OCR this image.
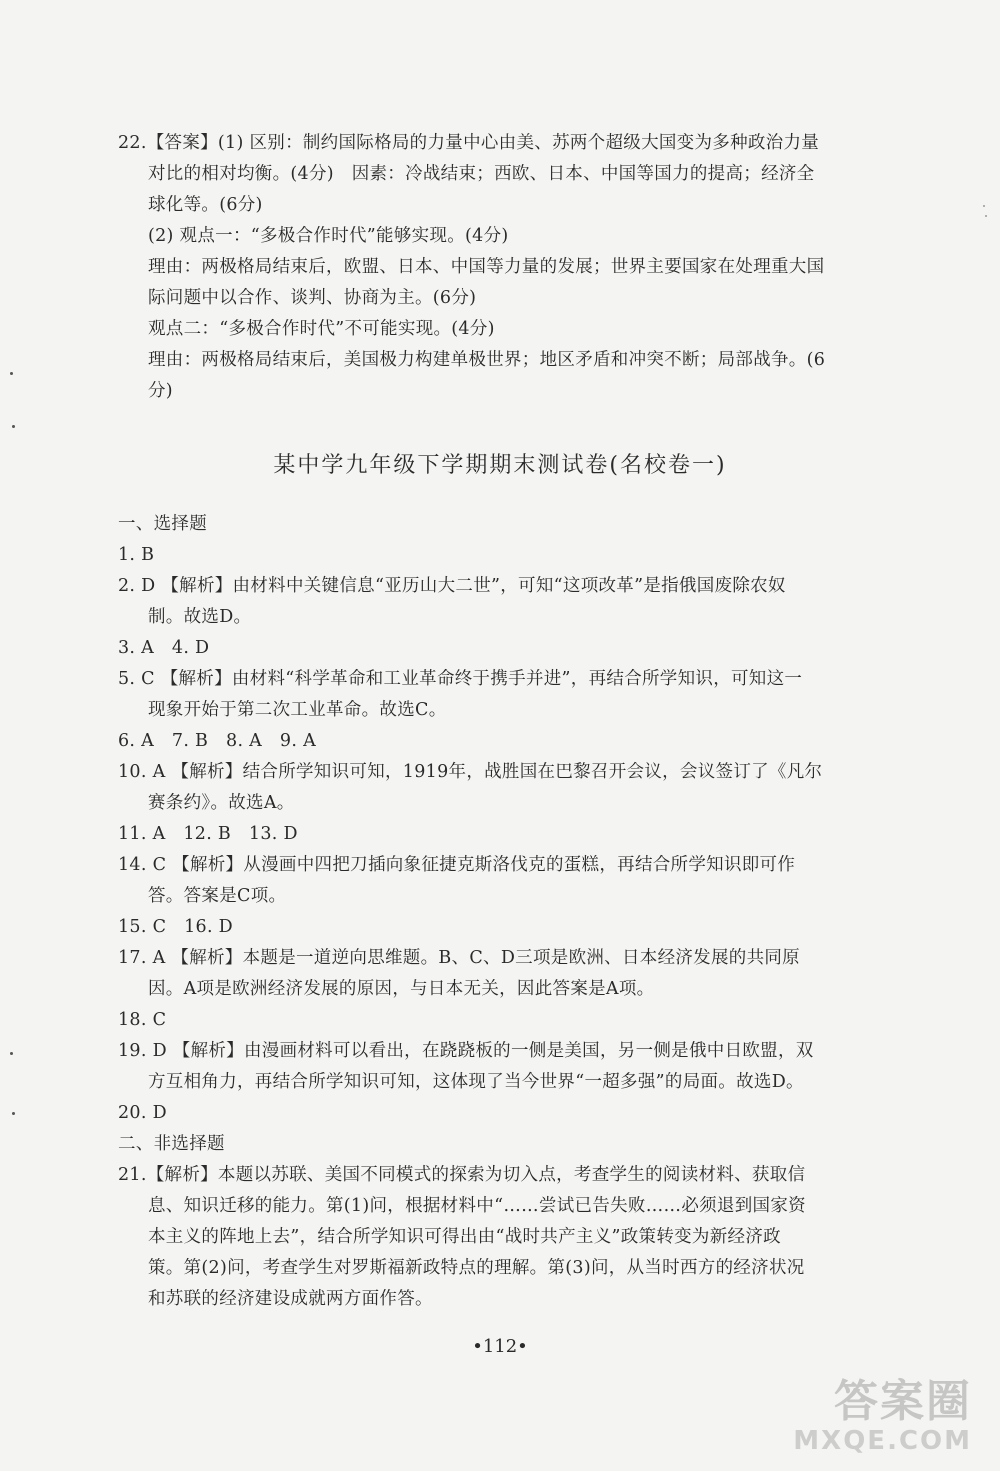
22.【答案】(1) 区别：制约国际格局的力量中心由美、苏两个超级大国变为多种政治力量
对比的相对均衡。(4分)　因素：冷战结束；西欧、日本、中国等国力的提高；经济全
球化等。(6分)
(2) 观点一：“多极合作时代”能够实现。(4分)
理由：两极格局结束后，欧盟、日本、中国等力量的发展；世界主要国家在处理重大国
际问题中以合作、谈判、协商为主。(6分)
观点二：“多极合作时代”不可能实现。(4分)
理由：两极格局结束后，美国极力构建单极世界；地区矛盾和冲突不断；局部战争。(6
分)
某中学九年级下学期期末测试卷(名校卷一)
一、选择题
1. B
2. D 【解析】由材料中关键信息“亚历山大二世”，可知“这项改革”是指俄国废除农奴
制。故选D。
3. A　4. D
5. C 【解析】由材料“科学革命和工业革命终于携手并进”，再结合所学知识，可知这一
现象开始于第二次工业革命。故选C。
6. A　7. B　8. A　9. A
10. A 【解析】结合所学知识可知，1919年，战胜国在巴黎召开会议，会议签订了《凡尔
赛条约》。故选A。
11. A　12. B　13. D
14. C 【解析】从漫画中四把刀插向象征捷克斯洛伐克的蛋糕，再结合所学知识即可作
答。答案是C项。
15. C　16. D
17. A 【解析】本题是一道逆向思维题。B、C、D三项是欧洲、日本经济发展的共同原
因。A项是欧洲经济发展的原因，与日本无关，因此答案是A项。
18. C
19. D 【解析】由漫画材料可以看出，在跷跷板的一侧是美国，另一侧是俄中日欧盟，双
方互相角力，再结合所学知识可知，这体现了当今世界“一超多强”的局面。故选D。
20. D
二、非选择题
21.【解析】本题以苏联、美国不同模式的探索为切入点，考查学生的阅读材料、获取信
息、知识迁移的能力。第(1)问，根据材料中“……尝试已告失败……必须退到国家资
本主义的阵地上去”，结合所学知识可得出由“战时共产主义”政策转变为新经济政
策。第(2)问，考查学生对罗斯福新政特点的理解。第(3)问，从当时西方的经济状况
和苏联的经济建设成就两方面作答。
•112•
答案圈
MXQE.COM
